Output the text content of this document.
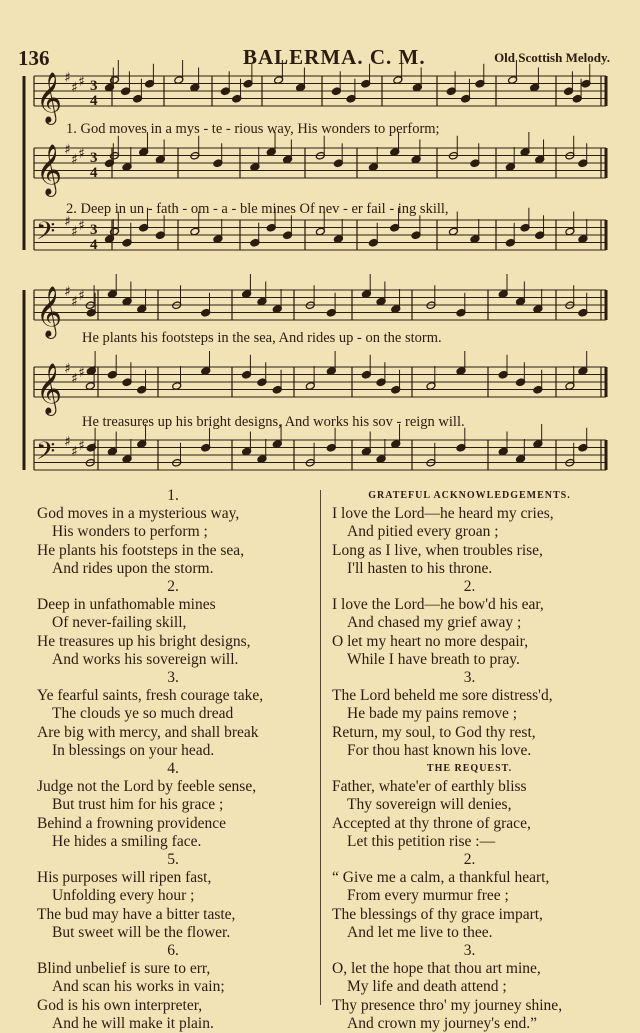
136	BALERMA. C. M.	Old Scottish Melody.
𝄞 ♯
♯ ♯ 3
4
𝄞 ♯
♯ ♯ 3
4
𝄢 ♯
♯ ♯ 3
4
𝄞 ♯
♯ ♯
𝄞 ♯
♯ ♯
𝄢 ♯
♯ ♯
1. God moves in a mys - te - rious way, His wonders to perform;
2. Deep in un - fath - om - a - ble mines Of nev - er fail - ing skill,
He plants his footsteps in the sea, And rides up - on the storm.
He treasures up his bright designs, And works his sov - reign will.
1.
God moves in a mysterious way,
His wonders to perform ;
He plants his footsteps in the sea,
And rides upon the storm.
2.
Deep in unfathomable mines
Of never-failing skill,
He treasures up his bright designs,
And works his sovereign will.
3.
Ye fearful saints, fresh courage take,
The clouds ye so much dread
Are big with mercy, and shall break
In blessings on your head.
4.
Judge not the Lord by feeble sense,
But trust him for his grace ;
Behind a frowning providence
He hides a smiling face.
5.
His purposes will ripen fast,
Unfolding every hour ;
The bud may have a bitter taste,
But sweet will be the flower.
6.
Blind unbelief is sure to err,
And scan his works in vain;
God is his own interpreter,
And he will make it plain.
GRATEFUL ACKNOWLEDGEMENTS.
I love the Lord—he heard my cries,
And pitied every groan ;
Long as I live, when troubles rise,
I'll hasten to his throne.
2.
I love the Lord—he bow'd his ear,
And chased my grief away ;
O let my heart no more despair,
While I have breath to pray.
3.
The Lord beheld me sore distress'd,
He bade my pains remove ;
Return, my soul, to God thy rest,
For thou hast known his love.
THE REQUEST.
Father, whate'er of earthly bliss
Thy sovereign will denies,
Accepted at thy throne of grace,
Let this petition rise :—
2.
“ Give me a calm, a thankful heart,
From every murmur free ;
The blessings of thy grace impart,
And let me live to thee.
3.
O, let the hope that thou art mine,
My life and death attend ;
Thy presence thro' my journey shine,
And crown my journey's end.”
